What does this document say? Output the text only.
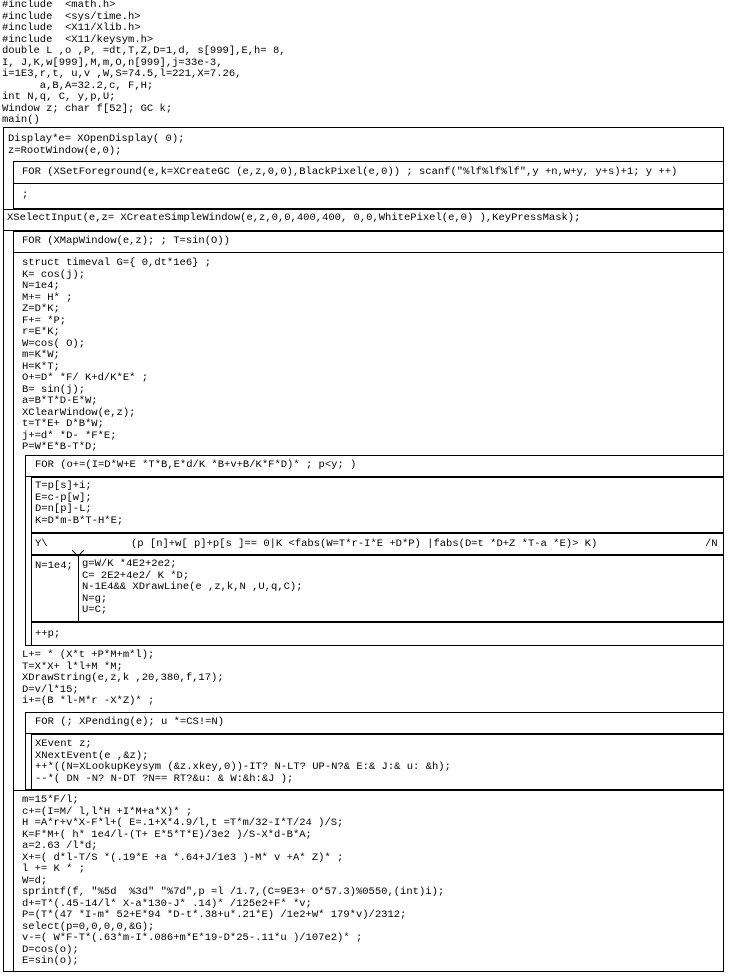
#include  <math.h>
#include  <sys/time.h>
#include  <X11/Xlib.h>
#include  <X11/keysym.h>
double L ,o ,P, =dt,T,Z,D=1,d, s[999],E,h= 8,
I, J,K,w[999],M,m,O,n[999],j=33e-3,
i=1E3,r,t, u,v ,W,S=74.5,l=221,X=7.26,
a,B,A=32.2,c, F,H;
int N,q, C, y,p,U;
Window z; char f[52]; GC k;
main()
Display*e= XOpenDisplay( 0);
z=RootWindow(e,0);
FOR (XSetForeground(e,k=XCreateGC (e,z,0,0),BlackPixel(e,0)) ; scanf("%lf%lf%lf",y +n,w+y, y+s)+1; y ++)
;
XSelectInput(e,z= XCreateSimpleWindow(e,z,0,0,400,400, 0,0,WhitePixel(e,0) ),KeyPressMask);
FOR (XMapWindow(e,z); ; T=sin(O))
struct timeval G={ 0,dt*1e6} ;
K= cos(j);
N=1e4;
M+= H* ;
Z=D*K;
F+= *P;
r=E*K;
W=cos( O);
m=K*W;
H=K*T;
O+=D* *F/ K+d/K*E* ;
B= sin(j);
a=B*T*D-E*W;
XClearWindow(e,z);
t=T*E+ D*B*W;
j+=d* *D- *F*E;
P=W*E*B-T*D;
FOR (o+=(I=D*W+E *T*B,E*d/K *B+v+B/K*F*D)* ; p<y; )
T=p[s]+i;
E=c-p[w];
D=n[p]-L;
K=D*m-B*T-H*E;
Y\	(p [n]+w[ p]+p[s ]== 0|K <fabs(W=T*r-I*E +D*P) |fabs(D=t *D+Z *T-a *E)> K)	/N
N=1e4; g=W/K *4E2+2e2;
C= 2E2+4e2/ K *D;
N-1E4&& XDrawLine(e ,z,k,N ,U,q,C);
N=g;
U=C;
++p;
L+= * (X*t +P*M+m*l);
T=X*X+ l*l+M *M;
XDrawString(e,z,k ,20,380,f,17);
D=v/l*15;
i+=(B *l-M*r -X*Z)* ;
FOR (; XPending(e); u *=CS!=N)
XEvent z;
XNextEvent(e ,&z);
++*((N=XLookupKeysym (&z.xkey,0))-IT? N-LT? UP-N?& E:& J:& u: &h);
--*( DN -N? N-DT ?N== RT?&u: & W:&h:&J );
m=15*F/l;
c+=(I=M/ l,l*H +I*M+a*X)* ;
H =A*r+v*X-F*l+( E=.1+X*4.9/l,t =T*m/32-I*T/24 )/S;
K=F*M+( h* 1e4/l-(T+ E*5*T*E)/3e2 )/S-X*d-B*A;
a=2.63 /l*d;
X+=( d*l-T/S *(.19*E +a *.64+J/1e3 )-M* v +A* Z)* ;
l += K * ;
W=d;
sprintf(f, "%5d  %3d" "%7d",p =l /1.7,(C=9E3+ O*57.3)%0550,(int)i);
d+=T*(.45-14/l* X-a*130-J* .14)* /125e2+F* *v;
P=(T*(47 *I-m* 52+E*94 *D-t*.38+u*.21*E) /1e2+W* 179*v)/2312;
select(p=0,0,0,0,&G);
v-=( W*F-T*(.63*m-I*.086+m*E*19-D*25-.11*u )/107e2)* ;
D=cos(o);
E=sin(o);
